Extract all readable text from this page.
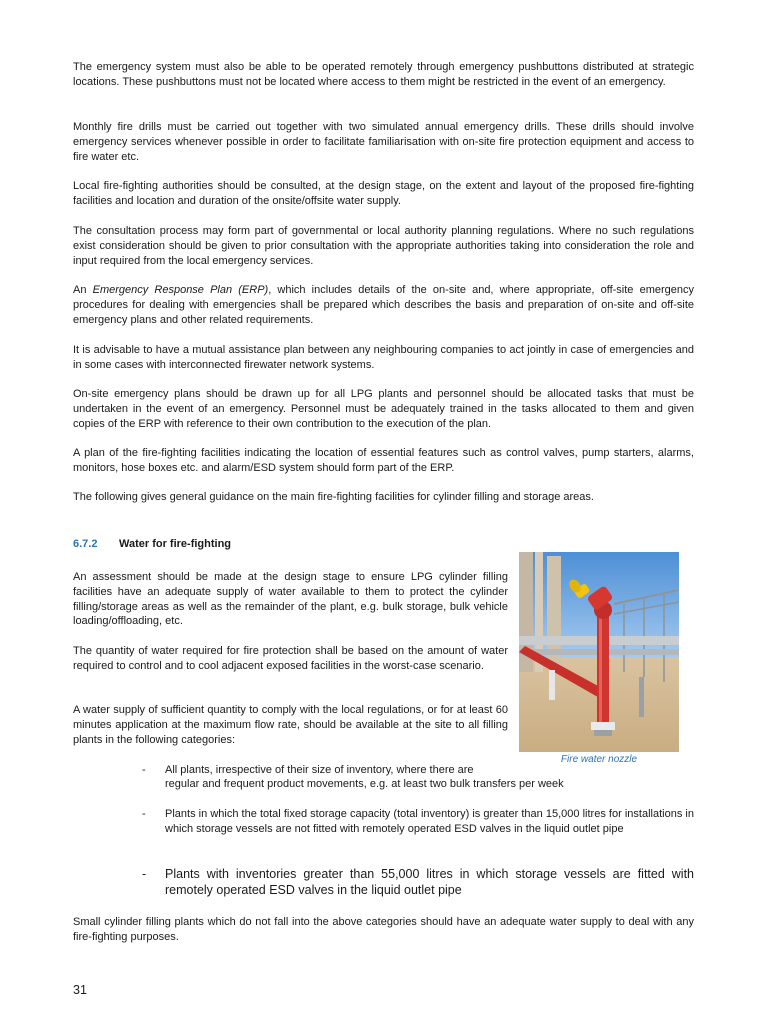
The emergency system must also be able to be operated remotely through emergency pushbuttons distributed at strategic locations. These pushbuttons must not be located where access to them might be restricted in the event of an emergency.

Monthly fire drills must be carried out together with two simulated annual emergency drills. These drills should involve emergency services whenever possible in order to facilitate familiarisation with on-site fire protection equipment and access to fire water etc.

Local fire-fighting authorities should be consulted, at the design stage, on the extent and layout of the proposed fire-fighting facilities and location and duration of the onsite/offsite water supply.

The consultation process may form part of governmental or local authority planning regulations. Where no such regulations exist consideration should be given to prior consultation with the appropriate authorities taking into consideration the role and input required from the local emergency services.

An Emergency Response Plan (ERP), which includes details of the on-site and, where appropriate, off-site emergency procedures for dealing with emergencies shall be prepared which describes the basis and preparation of on-site and off-site emergency plans and other related requirements.

It is advisable to have a mutual assistance plan between any neighbouring companies to act jointly in case of emergencies and in some cases with interconnected firewater network systems.

On-site emergency plans should be drawn up for all LPG plants and personnel should be allocated tasks that must be undertaken in the event of an emergency. Personnel must be adequately trained in the tasks allocated to them and given copies of the ERP with reference to their own contribution to the execution of the plan.

A plan of the fire-fighting facilities indicating the location of essential features such as control valves, pump starters, alarms, monitors, hose boxes etc. and alarm/ESD system should form part of the ERP.

The following gives general guidance on the main fire-fighting facilities for cylinder filling and storage areas.

6.7.2 Water for fire-fighting

An assessment should be made at the design stage to ensure LPG cylinder filling facilities have an adequate supply of water available to them to protect the cylinder filling/storage areas as well as the remainder of the plant, e.g. bulk storage, bulk vehicle loading/offloading, etc.

The quantity of water required for fire protection shall be based on the amount of water required to control and to cool adjacent exposed facilities in the worst-case scenario.

A water supply of sufficient quantity to comply with the local regulations, or for at least 60 minutes application at the maximum flow rate, should be available at the site to all filling plants in the following categories:

Fire water nozzle
- All plants, irrespective of their size of inventory, where there are
regular and frequent product movements, e.g. at least two bulk transfers per week
- Plants in which the total fixed storage capacity (total inventory) is greater than 15,000 litres for installations in which storage vessels are not fitted with remotely operated ESD valves in the liquid outlet pipe

- Plants with inventories greater than 55,000 litres in which storage vessels are fitted with remotely operated ESD valves in the liquid outlet pipe

Small cylinder filling plants which do not fall into the above categories should have an adequate water supply to deal with any fire-fighting purposes.

31
